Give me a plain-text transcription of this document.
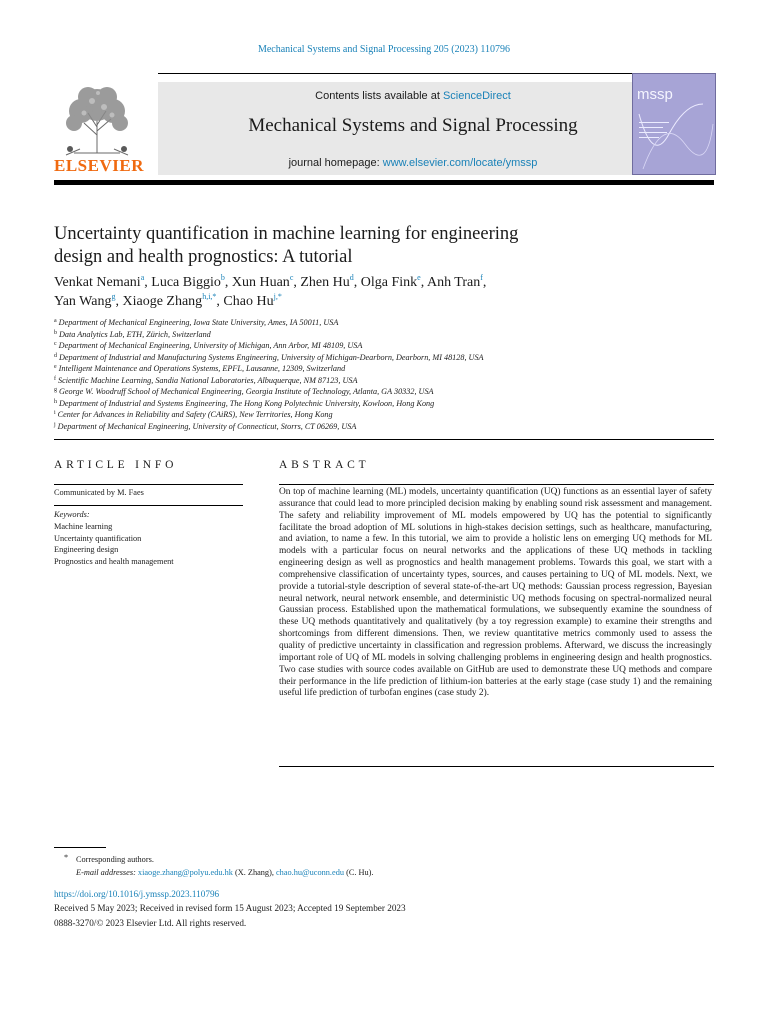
Mechanical Systems and Signal Processing 205 (2023) 110796
ELSEVIER
Contents lists available at ScienceDirect
Mechanical Systems and Signal Processing
journal homepage: www.elsevier.com/locate/ymssp
mssp
Uncertainty quantification in machine learning for engineering
design and health prognostics: A tutorial
Venkat Nemani$^a$, Luca Biggio$^b$, Xun Huan$^c$, Zhen Hu$^d$, Olga Fink$^e$, Anh Tran$^f$,
Yan Wang$^g$, Xiaoge Zhang$^{h,i,*}$, Chao $Hu^{j,*}$
$^a$ Department of Mechanical Engineering, Iowa State University, Ames, IA 50011, USA
$^b$ Data Analytics Lab, ETH, Zürich, Switzerland
$^c$ Department of Mechanical Engineering, University of Michigan, Ann Arbor, MI 48109, USA
$^d$ Department of Industrial and Manufacturing Systems Engineering, University of Michigan-Dearborn, Dearborn, MI 48128, USA
$^e$ Intelligent Maintenance and Operations Systems, EPFL, Lausanne, 12309, Switzerland
$^f$ Scientific Machine Learning, Sandia National Laboratories, Albuquerque, NM 87123, USA
$^g$ George W. Woodruff School of Mechanical Engineering, Georgia Institute of Technology, Atlanta, GA 30332, USA
$^h$ Department of Industrial and Systems Engineering, The Hong Kong Polytechnic University, Kowloon, Hong Kong
$^i$ Center for Advances in Reliability and Safety (CAiRS), New Territories, Hong Kong
$^j$ Department of Mechanical Engineering, University of Connecticut, Storrs, CT 06269, USA
ARTICLE INFO
Communicated by M. Faes
Keywords:
Machine learning
Uncertainty quantification
Engineering design
Prognostics and health management
ABSTRACT
On top of machine learning (ML) models, uncertainty quantification (UQ) functions as an essential layer of safety assurance that could lead to more principled decision making by enabling sound risk assessment and management. The safety and reliability improvement of ML models empowered by UQ has the potential to significantly facilitate the broad adoption of ML solutions in high-stakes decision settings, such as healthcare, manufacturing, and aviation, to name a few. In this tutorial, we aim to provide a holistic lens on emerging UQ methods for ML models with a particular focus on neural networks and the applications of these UQ methods in tackling engineering design as well as prognostics and health management problems. Towards this goal, we start with a comprehensive classification of uncertainty types, sources, and causes pertaining to UQ of ML models. Next, we provide a tutorial-style description of several state-of-the-art UQ methods: Gaussian process regression, Bayesian neural network, neural network ensemble, and deterministic UQ methods focusing on spectral-normalized neural Gaussian process. Established upon the mathematical formulations, we subsequently examine the soundness of these UQ methods quantitatively and qualitatively (by a toy regression example) to examine their strengths and shortcomings from different dimensions. Then, we review quantitative metrics commonly used to assess the quality of predictive uncertainty in classification and regression problems. Afterward, we discuss the increasingly important role of UQ of ML models in solving challenging problems in engineering design and health prognostics. Two case studies with source codes available on GitHub are used to demonstrate these UQ methods and compare their performance in the life prediction of lithium-ion batteries at the early stage (case study 1) and the remaining useful life prediction of turbofan engines (case study 2).
* Corresponding authors.
E-mail addresses: xiaoge.zhang@polyu.edu.hk (X. Zhang), chao.hu@uconn.edu (C. Hu).
https://doi.org/10.1016/j.ymssp.2023.110796
Received 5 May 2023; Received in revised form 15 August 2023; Accepted 19 September 2023
0888-3270/© 2023 Elsevier Ltd. All rights reserved.
